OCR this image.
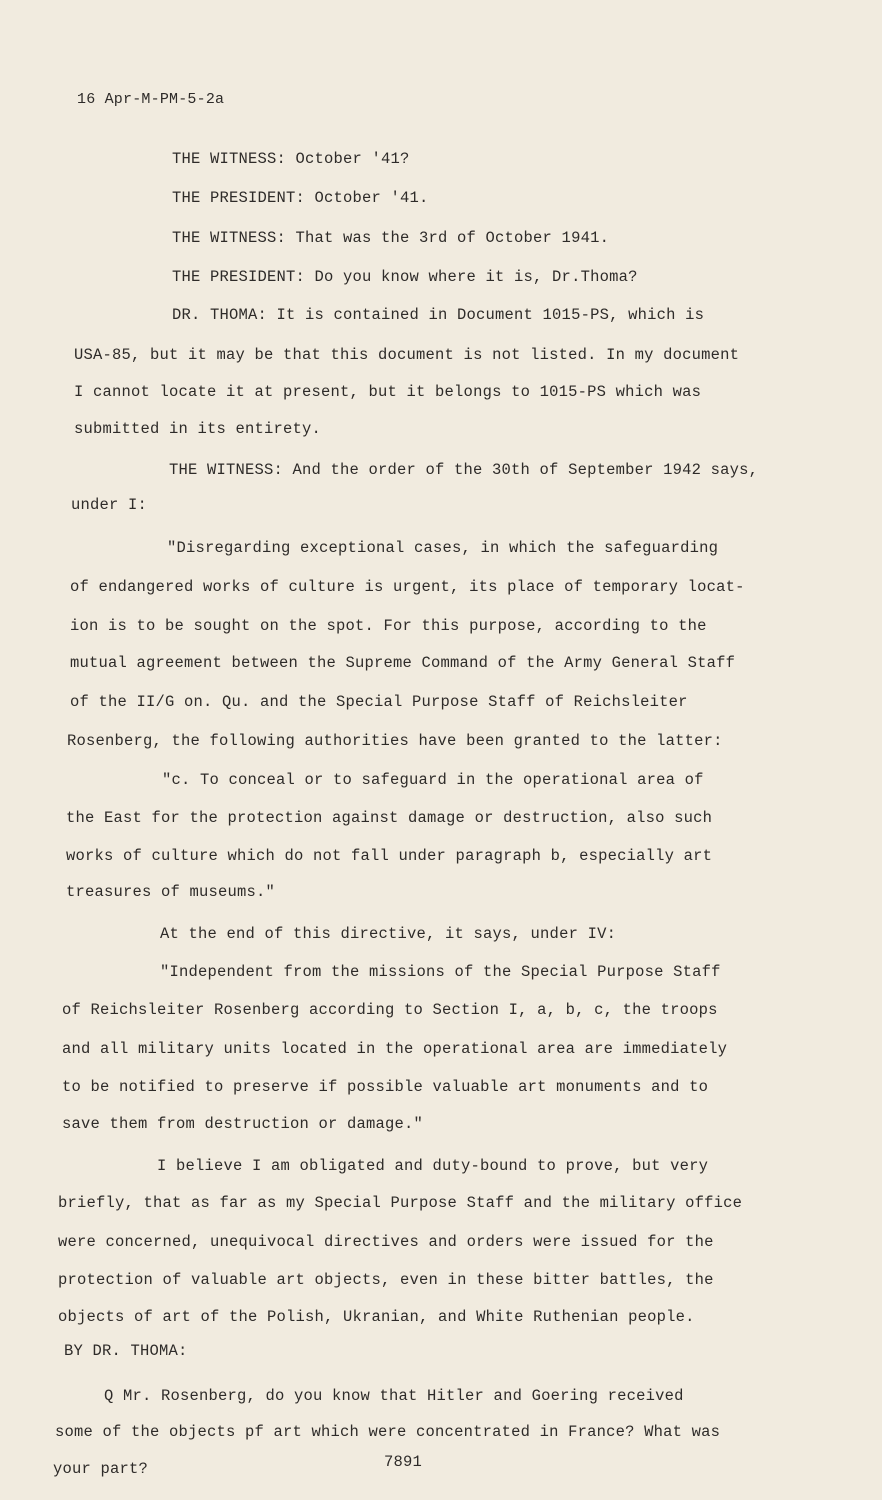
16 Apr-M-PM-5-2a
THE WITNESS: October '41?
THE PRESIDENT: October '41.
THE WITNESS: That was the 3rd of October 1941.
THE PRESIDENT: Do you know where it is, Dr.Thoma?
DR. THOMA: It is contained in Document 1015-PS, which is
USA-85, but it may be that this document is not listed. In my document
I cannot locate it at present, but it belongs to 1015-PS which was
submitted in its entirety.
THE WITNESS: And the order of the 30th of September 1942 says,
under I:
"Disregarding exceptional cases, in which the safeguarding
of endangered works of culture is urgent, its place of temporary locat-
ion is to be sought on the spot. For this purpose, according to the
mutual agreement between the Supreme Command of the Army General Staff
of the II/G on. Qu. and the Special Purpose Staff of Reichsleiter
Rosenberg, the following authorities have been granted to the latter:
"c. To conceal or to safeguard in the operational area of
the East for the protection against damage or destruction, also such
works of culture which do not fall under paragraph b, especially art
treasures of museums."
At the end of this directive, it says, under IV:
"Independent from the missions of the Special Purpose Staff
of Reichsleiter Rosenberg according to Section I, a, b, c, the troops
and all military units located in the operational area are immediately
to be notified to preserve if possible valuable art monuments and to
save them from destruction or damage."
I believe I am obligated and duty-bound to prove, but very
briefly, that as far as my Special Purpose Staff and the military office
were concerned, unequivocal directives and orders were issued for the
protection of valuable art objects, even in these bitter battles, the
objects of art of the Polish, Ukranian, and White Ruthenian people.
BY DR. THOMA:
Q Mr. Rosenberg, do you know that Hitler and Goering received
some of the objects pf art which were concentrated in France? What was
your part?	7891
